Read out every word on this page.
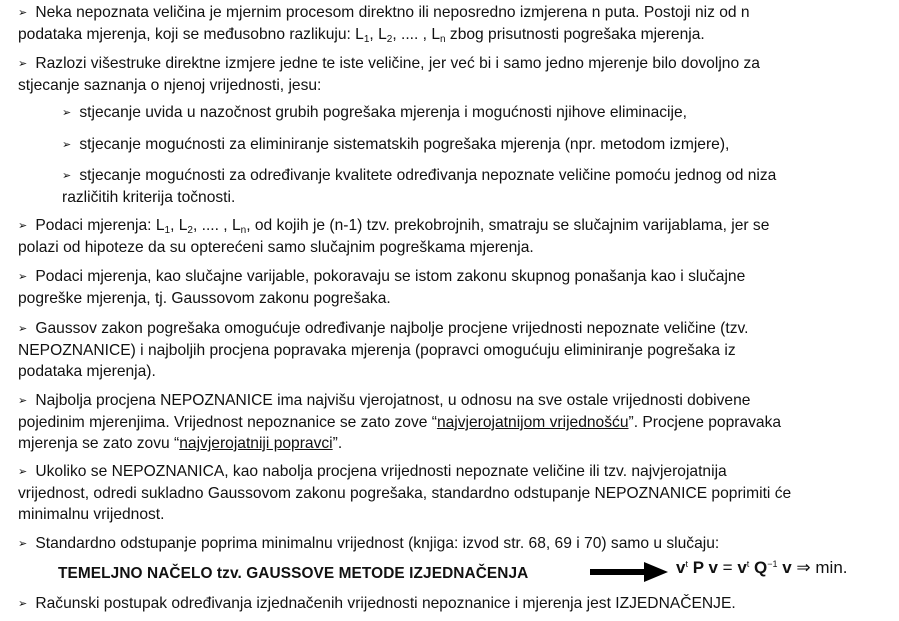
➢ Neka nepoznata veličina je mjernim procesom direktno ili neposredno izmjerena n puta. Postoji niz od n
podataka mjerenja, koji se međusobno razlikuju: $L_1$, $L_2$, .... , $L_n$ zbog prisutnosti pogrešaka mjerenja.
➢ Razlozi višestruke direktne izmjere jedne te iste veličine, jer već bi i samo jedno mjerenje bilo dovoljno za
stjecanje saznanja o njenoj vrijednosti, jesu:
➢ stjecanje uvida u nazočnost grubih pogrešaka mjerenja i mogućnosti njihove eliminacije,
➢ stjecanje mogućnosti za eliminiranje sistematskih pogrešaka mjerenja (npr. metodom izmjere),
➢ stjecanje mogućnosti za određivanje kvalitete određivanja nepoznate veličine pomoću jednog od niza
različitih kriterija točnosti.
➢ Podaci mjerenja: $L_1$, $L_2$, .... , $L_n$, od kojih je (n-1) tzv. prekobrojnih, smatraju se slučajnim varijablama, jer se
polazi od hipoteze da su opterećeni samo slučajnim pogreškama mjerenja.
➢ Podaci mjerenja, kao slučajne varijable, pokoravaju se istom zakonu skupnog ponašanja kao i slučajne
pogreške mjerenja, tj. Gaussovom zakonu pogrešaka.
➢ Gaussov zakon pogrešaka omogućuje određivanje najbolje procjene vrijednosti nepoznate veličine (tzv.
NEPOZNANICE) i najboljih procjena popravaka mjerenja (popravci omogućuju eliminiranje pogrešaka iz
podataka mjerenja).
➢ Najbolja procjena NEPOZNANICE ima najvišu vjerojatnost, u odnosu na sve ostale vrijednosti dobivene
pojedinim mjerenjima. Vrijednost nepoznanice se zato zove “najvjerojatnijom vrijednošću”. Procjene popravaka
mjerenja se zato zovu “najvjerojatniji popravci”.
➢ Ukoliko se NEPOZNANICA, kao nabolja procjena vrijednosti nepoznate veličine ili tzv. najvjerojatnija
vrijednost, odredi sukladno Gaussovom zakonu pogrešaka, standardno odstupanje NEPOZNANICE poprimiti će
minimalnu vrijednost.
➢ Standardno odstupanje poprima minimalnu vrijednost (knjiga: izvod str. 68, 69 i 70) samo u slučaju:
TEMELJNO NAČELO tzv. GAUSSOVE METODE IZJEDNAČENJA	$v^t$ P $v = v^t$ $Q^{-1}$ v ⇒ min.
➢ Računski postupak određivanja izjednačenih vrijednosti nepoznanice i mjerenja jest IZJEDNAČENJE.
